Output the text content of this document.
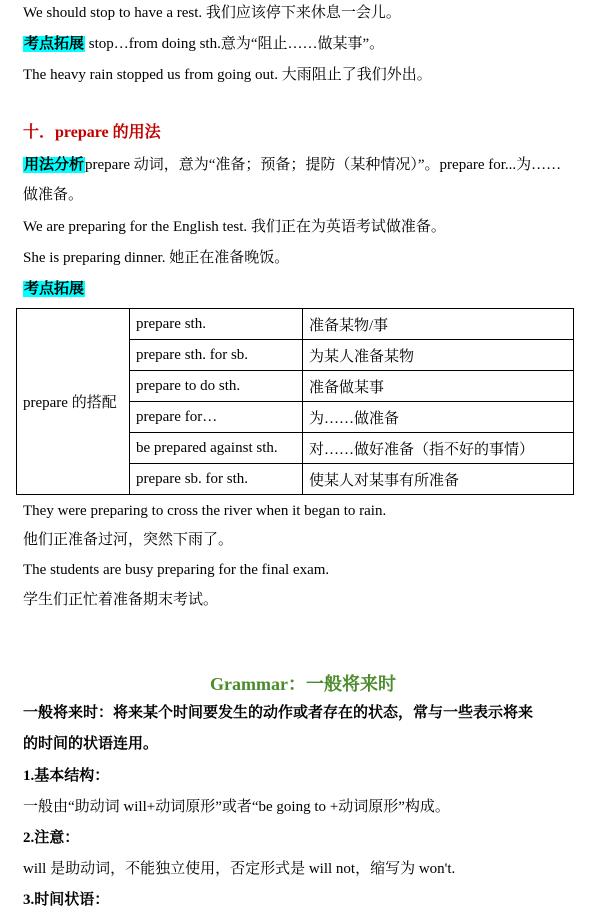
We should stop to have a rest. 我们应该停下来休息一会儿。
考点拓展 stop…from doing sth.意为“阻止……做某事”。
The heavy rain stopped us from going out. 大雨阻止了我们外出。
十．prepare 的用法
用法分析prepare 动词，意为“准备；预备；提防（某种情况）”。prepare for...为……
做准备。
We are preparing for the English test. 我们正在为英语考试做准备。
She is preparing dinner. 她正在准备晚饭。
考点拓展
prepare 的搭配	prepare sth.	准备某物/事
	prepare sth. for sb.	为某人准备某物
	prepare to do sth.	准备做某事
	prepare for…	为……做准备
	be prepared against sth.	对……做好准备（指不好的事情）
	prepare sb. for sth.	使某人对某事有所准备
They were preparing to cross the river when it began to rain.
他们正准备过河，突然下雨了。
The students are busy preparing for the final exam.
学生们正忙着准备期末考试。
Grammar：一般将来时
一般将来时：将来某个时间要发生的动作或者存在的状态，常与一些表示将来
的时间的状语连用。
1.基本结构：
一般由“助动词 will+动词原形”或者“be going to +动词原形”构成。
2.注意：
will 是助动词，不能独立使用，否定形式是 will not，缩写为 won't.
3.时间状语：
